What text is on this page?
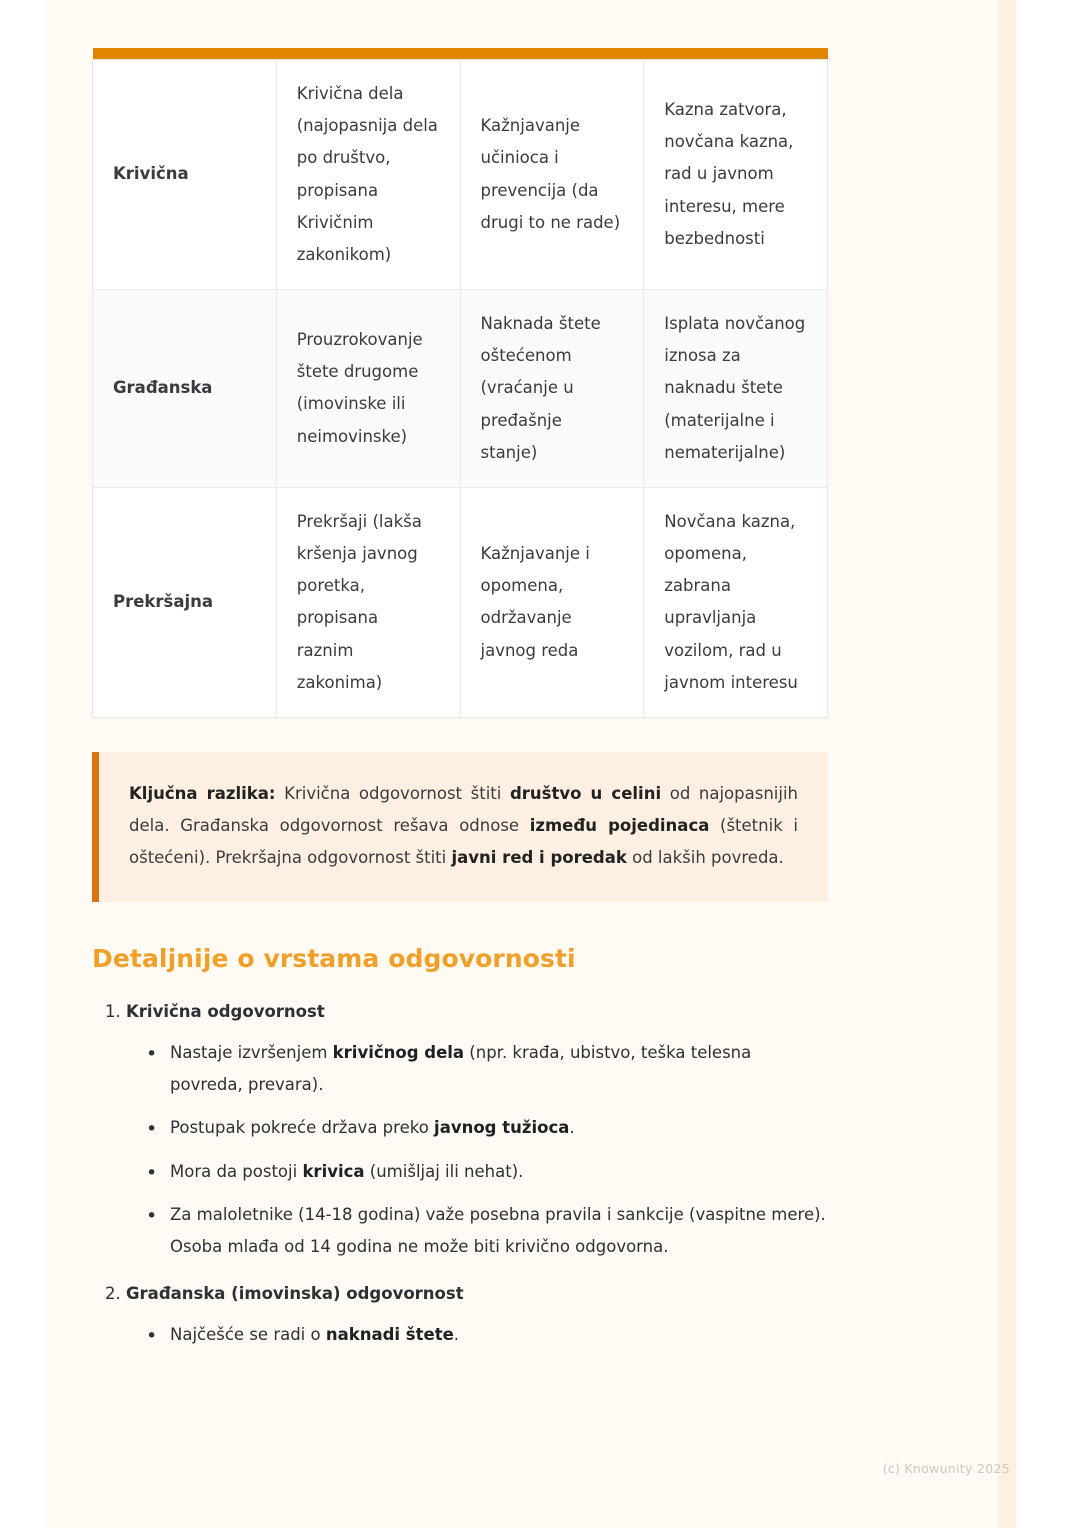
Krivična	Krivična dela (najopasnija dela po društvo, propisana Krivičnim zakonikom)	Kažnjavanje učinioca i prevencija (da drugi to ne rade)	Kazna zatvora, novčana kazna, rad u javnom interesu, mere bezbednosti
Građanska	Prouzrokovanje štete drugome (imovinske ili neimovinske)	Naknada štete oštećenom (vraćanje u pređašnje stanje)	Isplata novčanog iznosa za naknadu štete (materijalne i nematerijalne)
Prekršajna	Prekršaji (lakša kršenja javnog poretka, propisana raznim zakonima)	Kažnjavanje i opomena, održavanje javnog reda	Novčana kazna, opomena, zabrana upravljanja vozilom, rad u javnom interesu
Ključna razlika: Krivična odgovornost štiti društvo u celini od najopasnijih dela. Građanska odgovornost rešava odnose između pojedinaca (štetnik i oštećeni). Prekršajna odgovornost štiti javni red i poredak od lakših povreda.
Detaljnije o vrstama odgovornosti
1. Krivična odgovornost
• Nastaje izvršenjem krivičnog dela (npr. krađa, ubistvo, teška telesna povreda, prevara).
• Postupak pokreće država preko javnog tužioca.
• Mora da postoji krivica (umišljaj ili nehat).
• Za maloletnike (14-18 godina) važe posebna pravila i sankcije (vaspitne mere). Osoba mlađa od 14 godina ne može biti krivično odgovorna.
2. Građanska (imovinska) odgovornost
• Najčešće se radi o naknadi štete.
(c) Knowunity 2025
